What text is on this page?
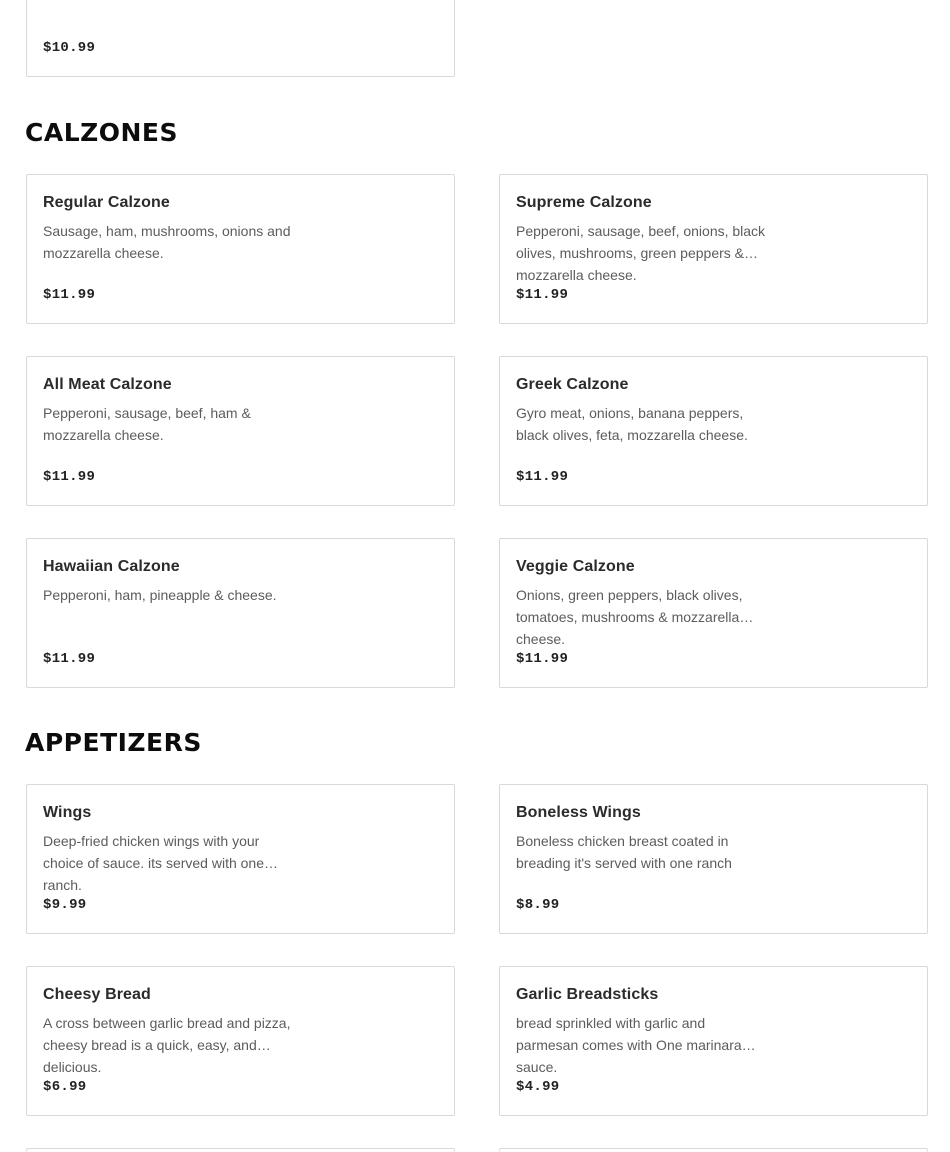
$10.99
CALZONES
Regular Calzone
Sausage, ham, mushrooms, onions and mozzarella cheese.
$11.99
Supreme Calzone
Pepperoni, sausage, beef, onions, black olives, mushrooms, green peppers & mozzarella cheese.
$11.99
All Meat Calzone
Pepperoni, sausage, beef, ham & mozzarella cheese.
$11.99
Greek Calzone
Gyro meat, onions, banana peppers, black olives, feta, mozzarella cheese.
$11.99
Hawaiian Calzone
Pepperoni, ham, pineapple & cheese.
$11.99
Veggie Calzone
Onions, green peppers, black olives, tomatoes, mushrooms & mozzarella cheese.
$11.99
APPETIZERS
Wings
Deep-fried chicken wings with your choice of sauce. its served with one ranch.
$9.99
Boneless Wings
Boneless chicken breast coated in breading it's served with one ranch
$8.99
Cheesy Bread
A cross between garlic bread and pizza, cheesy bread is a quick, easy, and delicious.
$6.99
Garlic Breadsticks
bread sprinkled with garlic and parmesan comes with One marinara sauce.
$4.99
